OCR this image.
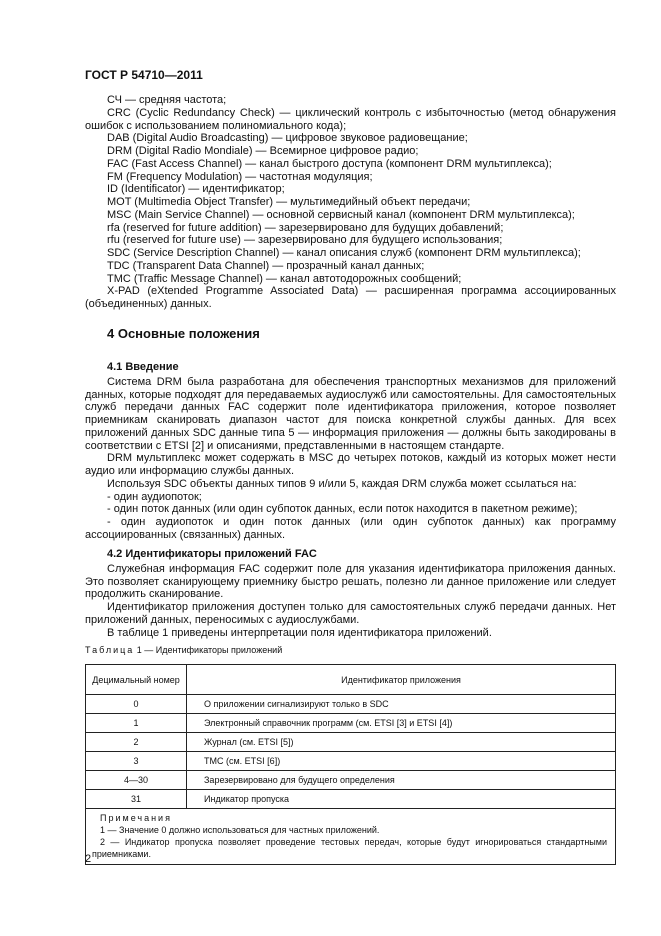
ГОСТ Р 54710—2011
СЧ — средняя частота;
CRC (Cyclic Redundancy Check) — циклический контроль с избыточностью (метод обнаружения ошибок с использованием полиномиального кода);
DAB (Digital Audio Broadcasting) — цифровое звуковое радиовещание;
DRM (Digital Radio Mondiale) — Всемирное цифровое радио;
FAC (Fast Access Channel) — канал быстрого доступа (компонент DRM мультиплекса);
FM (Frequency Modulation) — частотная модуляция;
ID (Identificator) — идентификатор;
MOT (Multimedia Object Transfer) — мультимедийный объект передачи;
MSC (Main Service Channel) — основной сервисный канал (компонент DRM мультиплекса);
rfa (reserved for future addition) — зарезервировано для будущих добавлений;
rfu (reserved for future use) — зарезервировано для будущего использования;
SDC (Service Description Channel) — канал описания служб (компонент DRM мультиплекса);
TDC (Transparent Data Channel) — прозрачный канал данных;
TMC (Traffic Message Channel) — канал автотодорожных сообщений;
X-PAD (eXtended Programme Associated Data) — расширенная программа ассоциированных (объединенных) данных.
4 Основные положения
4.1 Введение
Система DRM была разработана для обеспечения транспортных механизмов для приложений данных, которые подходят для передаваемых аудиослужб или самостоятельны. Для самостоятельных служб передачи данных FAC содержит поле идентификатора приложения, которое позволяет приемникам сканировать диапазон частот для поиска конкретной службы данных. Для всех приложений данных SDC данные типа 5 — информация приложения — должны быть закодированы в соответствии с ETSI [2] и описаниями, представленными в настоящем стандарте.
DRM мультиплекс может содержать в MSC до четырех потоков, каждый из которых может нести аудио или информацию службы данных.
Используя SDC объекты данных типов 9 и/или 5, каждая DRM служба может ссылаться на:
- один аудиопоток;
- один поток данных (или один субпоток данных, если поток находится в пакетном режиме);
- один аудиопоток и один поток данных (или один субпоток данных) как программу ассоциированных (связанных) данных.
4.2 Идентификаторы приложений FAC
Служебная информация FAC содержит поле для указания идентификатора приложения данных. Это позволяет сканирующему приемнику быстро решать, полезно ли данное приложение или следует продолжить сканирование.
Идентификатор приложения доступен только для самостоятельных служб передачи данных. Нет приложений данных, переносимых с аудиослужбами.
В таблице 1 приведены интерпретации поля идентификатора приложений.
Таблица 1 — Идентификаторы приложений
Децимальный номер	Идентификатор приложения
0	О приложении сигнализируют только в SDC
1	Электронный справочник программ (см. ETSI [3] и ETSI [4])
2	Журнал (см. ETSI [5])
3	TMC (см. ETSI [6])
4—30	Зарезервировано для будущего определения
31	Индикатор пропуска

Примечания
1 — Значение 0 должно использоваться для частных приложений.
2 — Индикатор пропуска позволяет проведение тестовых передач, которые будут игнорироваться стандартными приемниками.	
2
